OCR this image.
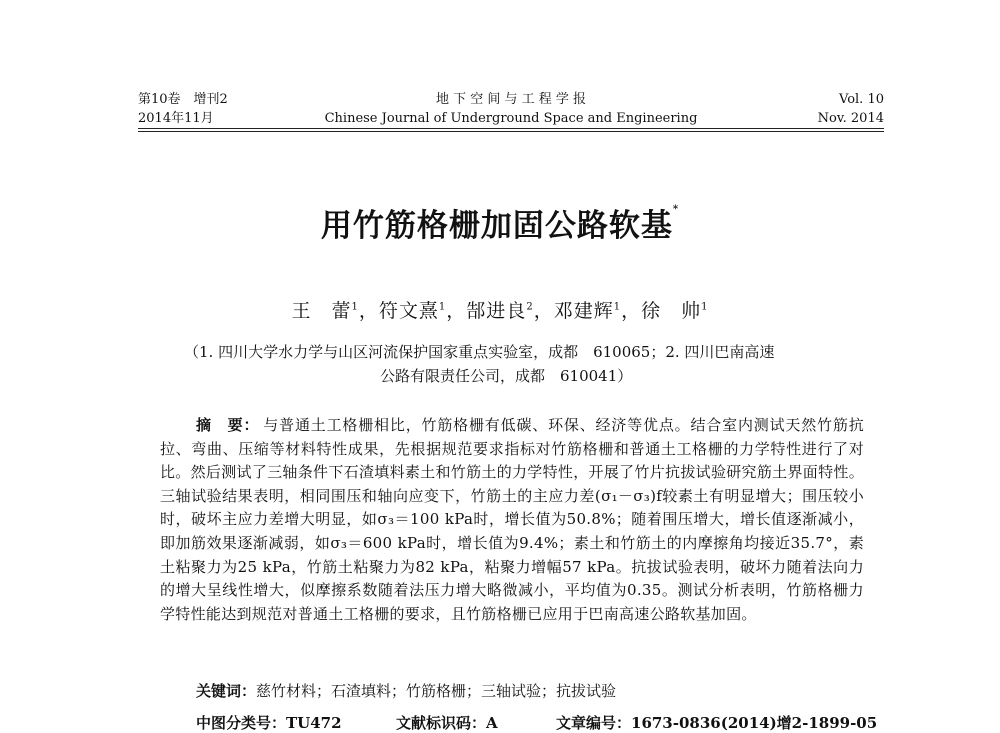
第10卷　增刊2
2014年11月
地 下 空 间 与 工 程 学 报
Chinese Journal of Underground Space and Engineering
Vol. 10
Nov. 2014
用竹筋格栅加固公路软基*
王　蕾$^1$，符文熹$^1$，郜进良$^2$，邓建辉$^1$，徐　帅$^1$
（1. 四川大学水力学与山区河流保护国家重点实验室，成都　610065；2. 四川巴南高速
公路有限责任公司，成都　610041）
摘　要： 与普通土工格栅相比，竹筋格栅有低碳、环保、经济等优点。结合室内测试天然竹筋抗拉、弯曲、压缩等材料特性成果，先根据规范要求指标对竹筋格栅和普通土工格栅的力学特性进行了对比。然后测试了三轴条件下石渣填料素土和竹筋土的力学特性，开展了竹片抗拔试验研究筋土界面特性。三轴试验结果表明，相同围压和轴向应变下，竹筋土的主应力差(σ₁－σ₃)f较素土有明显增大；围压较小时，破坏主应力差增大明显，如σ₃＝100 kPa时，增长值为50.8%；随着围压增大，增长值逐渐减小，即加筋效果逐渐减弱，如σ₃＝600 kPa时，增长值为9.4%；素土和竹筋土的内摩擦角均接近35.7°，素土粘聚力为25 kPa，竹筋土粘聚力为82 kPa，粘聚力增幅57 kPa。抗拔试验表明，破坏力随着法向力的增大呈线性增大，似摩擦系数随着法压力增大略微减小，平均值为0.35。测试分析表明，竹筋格栅力学特性能达到规范对普通土工格栅的要求，且竹筋格栅已应用于巴南高速公路软基加固。
关键词：慈竹材料；石渣填料；竹筋格栅；三轴试验；抗拔试验
中图分类号：TU472	文献标识码：A	文章编号：1673-0836(2014)增2-1899-05
